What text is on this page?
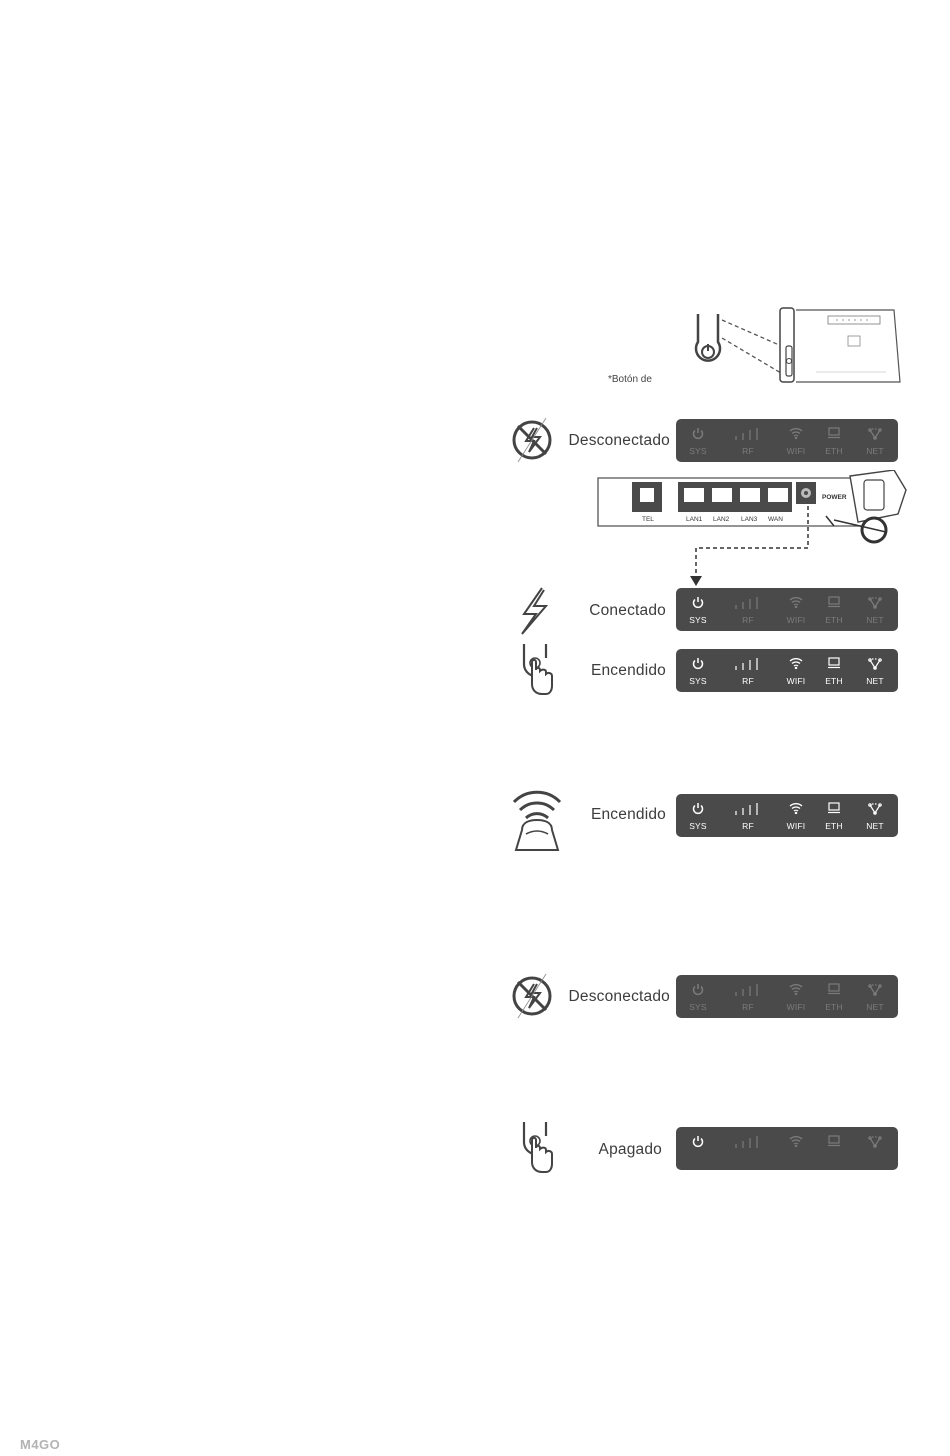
*Botón de
Desconectado
SYS	RF	WIFI	ETH	NET
TEL	LAN1 LAN2 LAN3 WAN
POWER
Conectado
SYS	RF	WIFI	ETH	NET
Encendido
SYS	RF	WIFI	ETH	NET
Encendido
SYS	RF	WIFI	ETH	NET
Desconectado
SYS	RF	WIFI	ETH	NET
Apagado
M4GO
